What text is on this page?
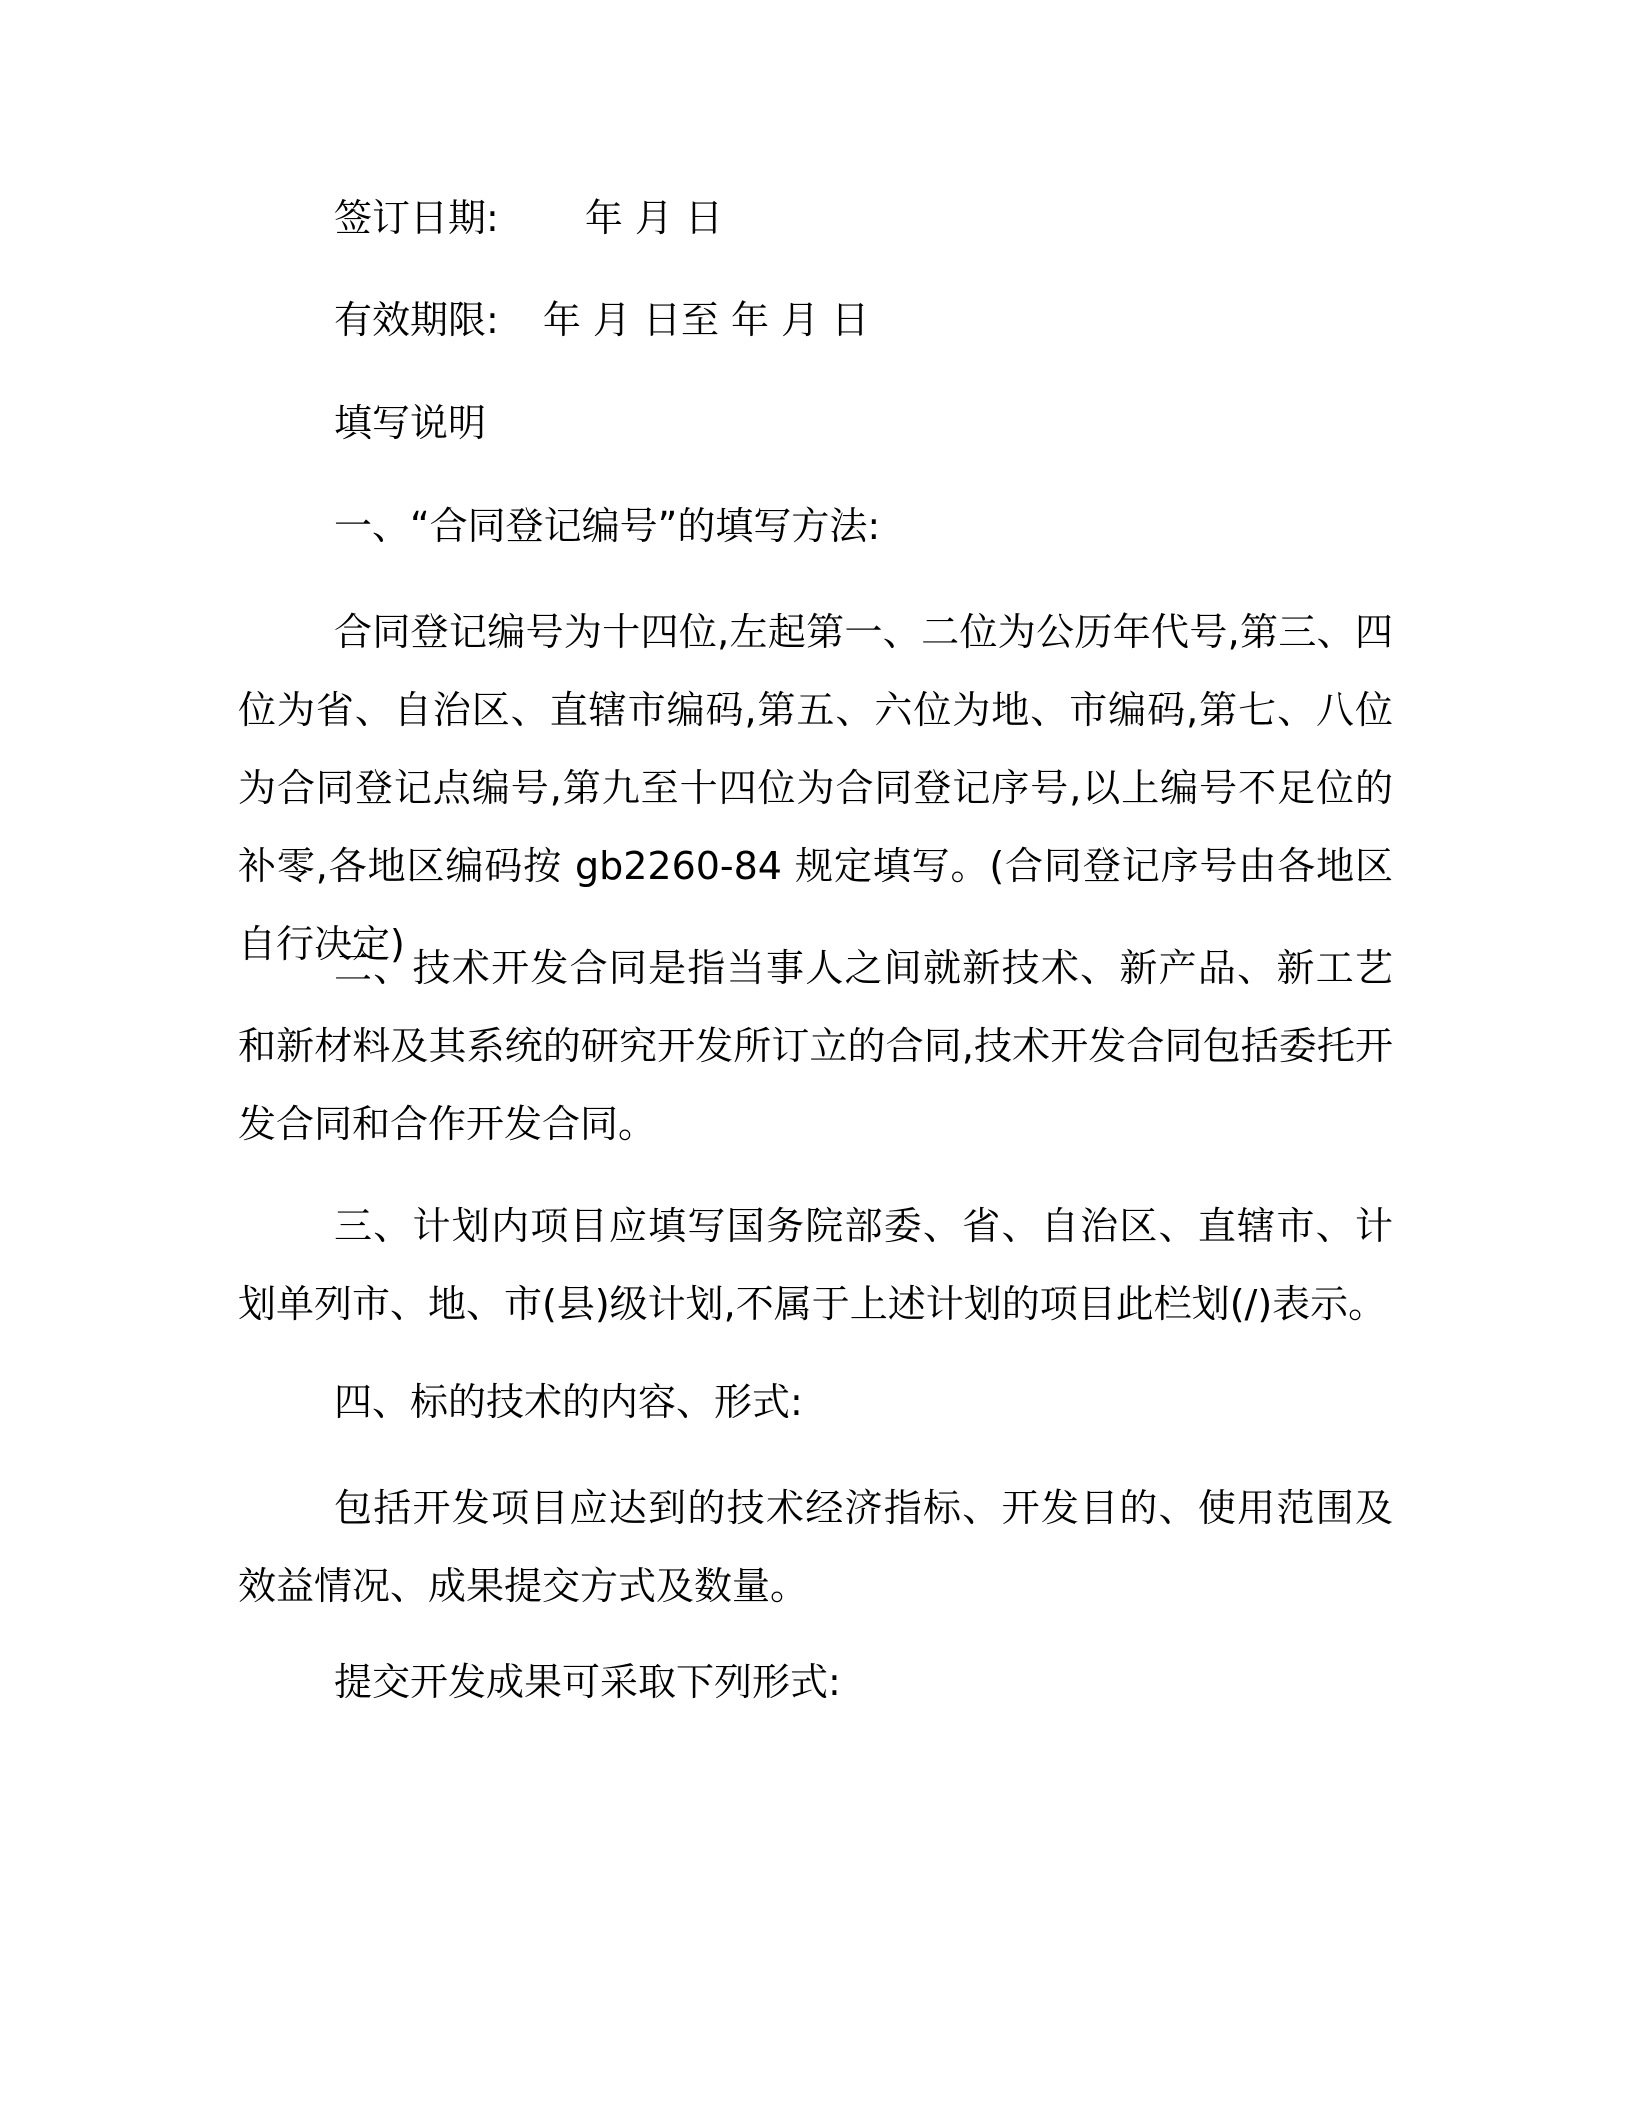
签订日期: 年 月 日
有效期限: 年 月 日至 年 月 日
填写说明
一、“合同登记编号”的填写方法:

合同登记编号为十四位,左起第一、二位为公历年代号,第三、四位为省、自治区、直辖市编码,第五、六位为地、市编码,第七、八位为合同登记点编号,第九至十四位为合同登记序号,以上编号不足位的补零,各地区编码按 gb2260-84 规定填写。(合同登记序号由各地区自行决定)

二、技术开发合同是指当事人之间就新技术、新产品、新工艺和新材料及其系统的研究开发所订立的合同,技术开发合同包括委托开发合同和合作开发合同。

三、计划内项目应填写国务院部委、省、自治区、直辖市、计划单列市、地、市(县)级计划,不属于上述计划的项目此栏划(/)表示。

四、标的技术的内容、形式:

包括开发项目应达到的技术经济指标、开发目的、使用范围及效益情况、成果提交方式及数量。

提交开发成果可采取下列形式:
